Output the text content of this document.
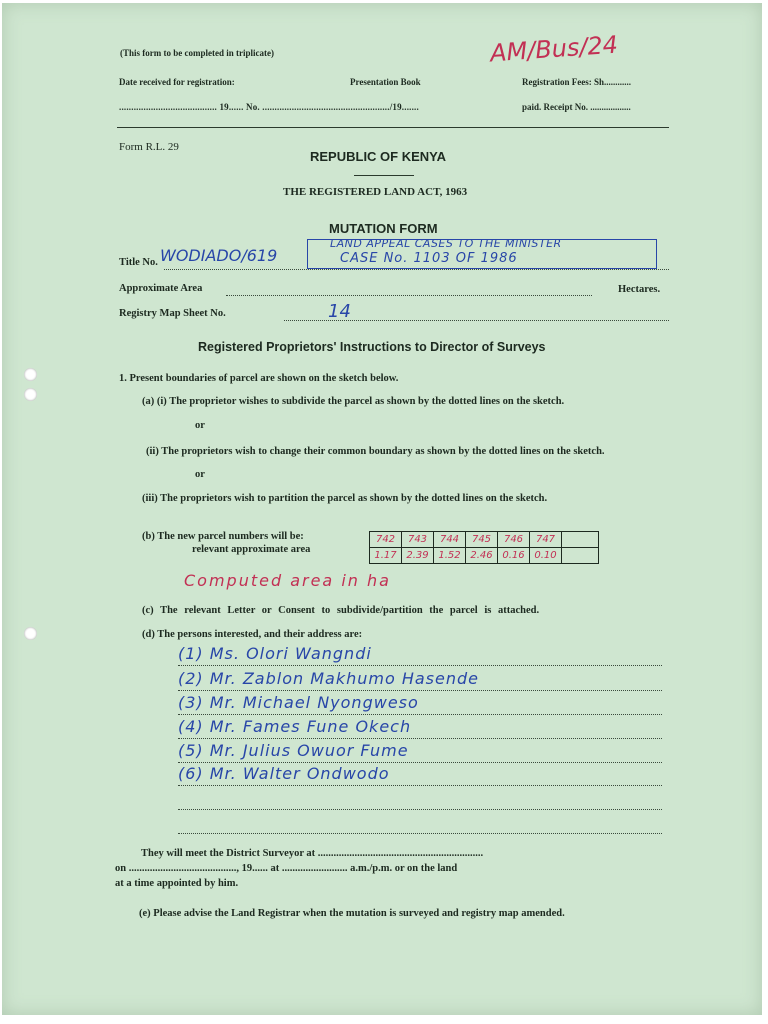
(This form to be completed in triplicate)	AM/Bus/24
Date received for registration:	Presentation Book	Registration Fees: Sh............
........................................ 19...... No. ..................................................../19.......	paid. Receipt No. ..................
Form R.L. 29
REPUBLIC OF KENYA
THE REGISTERED LAND ACT, 1963
MUTATION FORM
Title No. WODIADO/619
LAND APPEAL CASES TO THE MINISTER
CASE No. 1103 OF 1986
Approximate Area	Hectares.
Registry Map Sheet No.	14
Registered Proprietors' Instructions to Director of Surveys
1. Present boundaries of parcel are shown on the sketch below.
(a) (i) The proprietor wishes to subdivide the parcel as shown by the dotted lines on the sketch.
or
(ii) The proprietors wish to change their common boundary as shown by the dotted lines on the sketch.
or
(iii) The proprietors wish to partition the parcel as shown by the dotted lines on the sketch.
(b) The new parcel numbers will be:
relevant approximate area
742	743	744	745	746	747	
1.17	2.39	1.52	2.46	0.16	0.10	
Computed area in ha
(c) The relevant Letter or Consent to subdivide/partition the parcel is attached.
(d) The persons interested, and their address are:
(1) Ms. Olori Wangndi
(2) Mr. Zablon Makhumo Hasende
(3) Mr. Michael Nyongweso
(4) Mr. Fames Fune Okech
(5) Mr. Julius Owuor Fume
(6) Mr. Walter Ondwodo
They will meet the District Surveyor at ...............................................................
on ........................................., 19...... at ......................... a.m./p.m. or on the land
at a time appointed by him.
(e) Please advise the Land Registrar when the mutation is surveyed and registry map amended.
